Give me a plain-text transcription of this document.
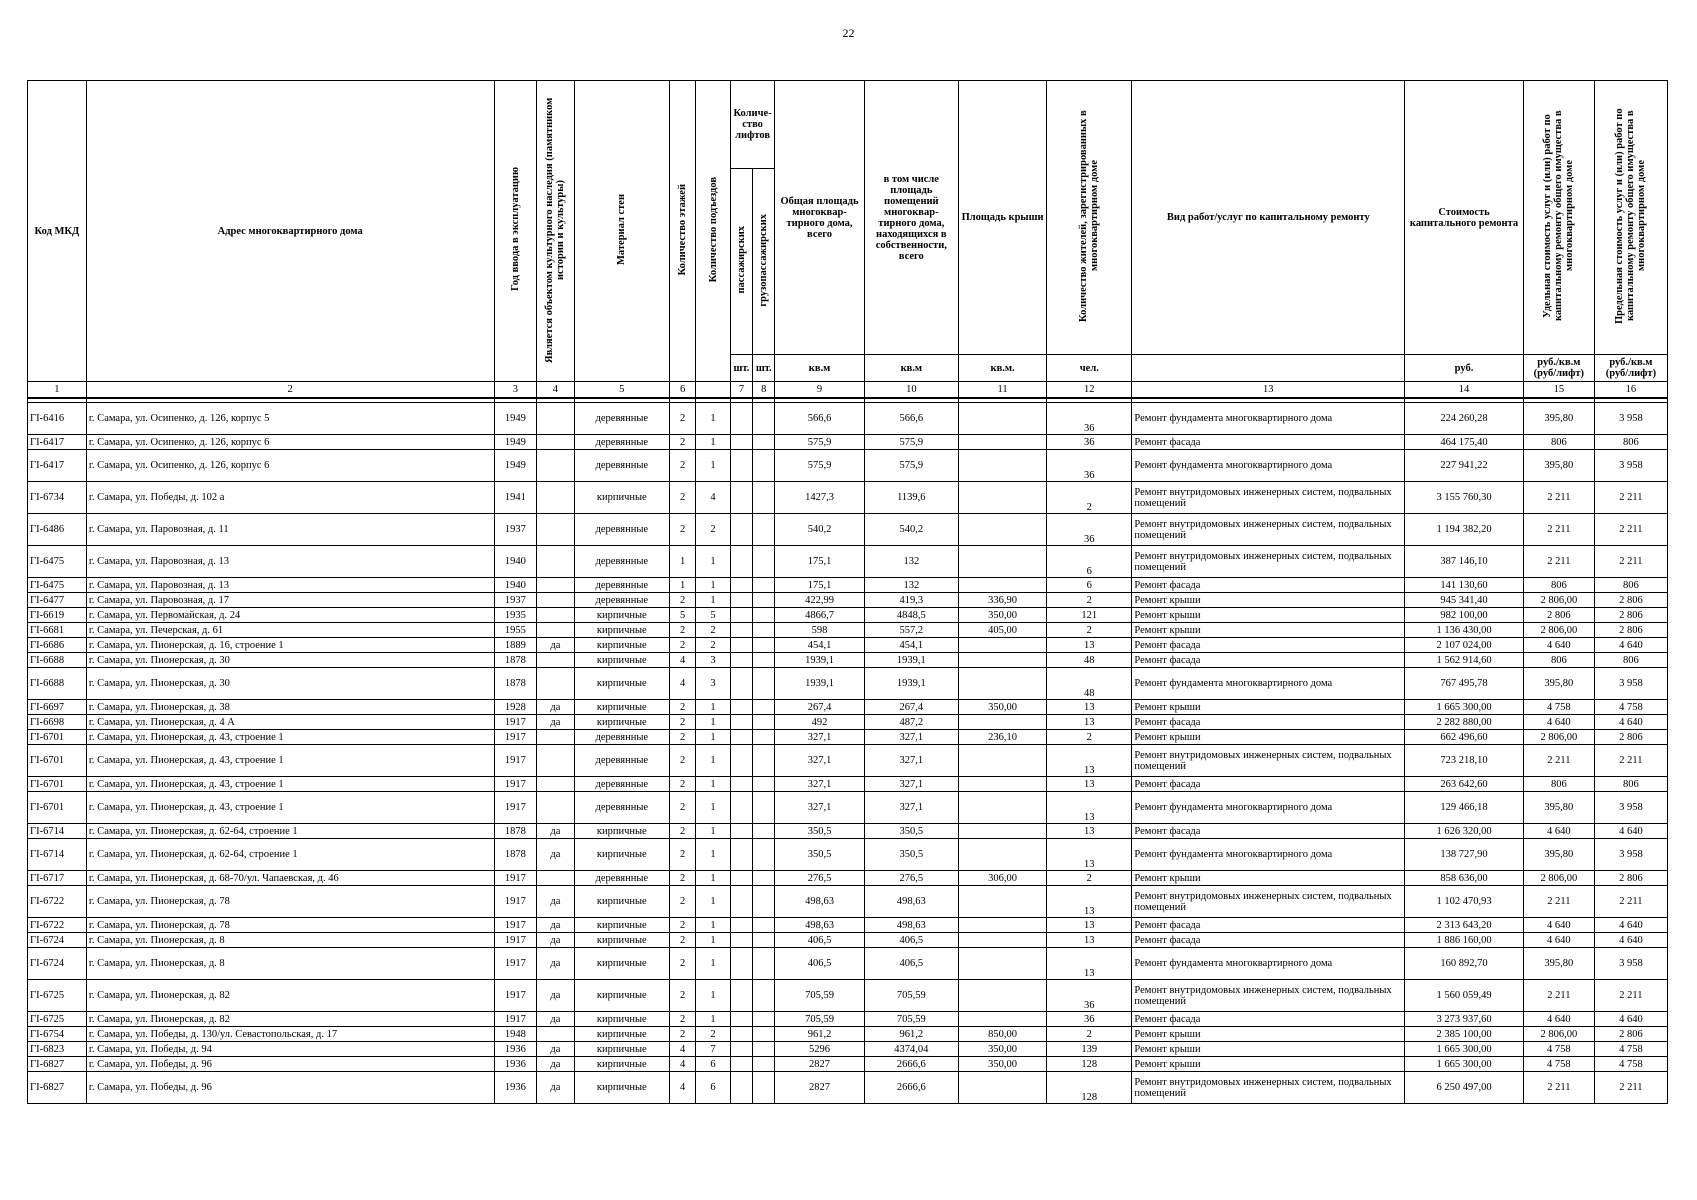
22
Код МКД	Адрес многоквартирного дома	Год ввода в эксплуатацию	Является объектом культурного наследия (памятником истории и культуры)	Материал стен	Количество этажей	Количество подъездов	Количе-ство лифтов		Общая площадь многоквар-тирного дома, всего	в том числе площадь помещений многоквар-тирного дома, находящихся в собственности, всего	Площадь крыши	Количество жителей, зарегистрированных в многоквартирном доме	Вид работ/услуг по капитальному ремонту	Стоимость капитального ремонта	Удельная стоимость услуг и (или) работ по капитальному ремонту общего имущества в многоквартирном доме	Предельная стоимость услуг и (или) работ по капитальному ремонту общего имущества в многоквартирном доме
							пассажирских	грузопассажирских								
							шт.	шт.	кв.м	кв.м	кв.м.	чел.		руб.	руб./кв.м (руб/лифт)	руб./кв.м (руб/лифт)
1	2	3	4	5	6		7	8	9	10	11	12	13	14	15	16

ГI-6416	г. Самара, ул. Осипенко, д. 126, корпус 5	1949		деревянные	2	1			566,6	566,6		36	Ремонт фундамента многоквартирного дома	224 260,28	395,80	3 958
ГI-6417	г. Самара, ул. Осипенко, д. 126, корпус 6	1949		деревянные	2	1			575,9	575,9		36	Ремонт фасада	464 175,40	806	806
ГI-6417	г. Самара, ул. Осипенко, д. 126, корпус 6	1949		деревянные	2	1			575,9	575,9		36	Ремонт фундамента многоквартирного дома	227 941,22	395,80	3 958
ГI-6734	г. Самара, ул. Победы, д. 102 а	1941		кирпичные	2	4			1427,3	1139,6		2	Ремонт внутридомовых инженерных систем, подвальных помещений	3 155 760,30	2 211	2 211
ГI-6486	г. Самара, ул. Паровозная, д. 11	1937		деревянные	2	2			540,2	540,2		36	Ремонт внутридомовых инженерных систем, подвальных помещений	1 194 382,20	2 211	2 211
ГI-6475	г. Самара, ул. Паровозная, д. 13	1940		деревянные	1	1			175,1	132		6	Ремонт внутридомовых инженерных систем, подвальных помещений	387 146,10	2 211	2 211
ГI-6475	г. Самара, ул. Паровозная, д. 13	1940		деревянные	1	1			175,1	132		6	Ремонт фасада	141 130,60	806	806
ГI-6477	г. Самара, ул. Паровозная, д. 17	1937		деревянные	2	1			422,99	419,3	336,90	2	Ремонт крыши	945 341,40	2 806,00	2 806
ГI-6619	г. Самара, ул. Первомайская, д. 24	1935		кирпичные	5	5			4866,7	4848,5	350,00	121	Ремонт крыши	982 100,00	2 806	2 806
ГI-6681	г. Самара, ул. Печерская, д. 61	1955		кирпичные	2	2			598	557,2	405,00	2	Ремонт крыши	1 136 430,00	2 806,00	2 806
ГI-6686	г. Самара, ул. Пионерская, д. 16, строение 1	1889	да	кирпичные	2	2			454,1	454,1		13	Ремонт фасада	2 107 024,00	4 640	4 640
ГI-6688	г. Самара, ул. Пионерская, д. 30	1878		кирпичные	4	3			1939,1	1939,1		48	Ремонт фасада	1 562 914,60	806	806
ГI-6688	г. Самара, ул. Пионерская, д. 30	1878		кирпичные	4	3			1939,1	1939,1		48	Ремонт фундамента многоквартирного дома	767 495,78	395,80	3 958
ГI-6697	г. Самара, ул. Пионерская, д. 38	1928	да	кирпичные	2	1			267,4	267,4	350,00	13	Ремонт крыши	1 665 300,00	4 758	4 758
ГI-6698	г. Самара, ул. Пионерская, д. 4 А	1917	да	кирпичные	2	1			492	487,2		13	Ремонт фасада	2 282 880,00	4 640	4 640
ГI-6701	г. Самара, ул. Пионерская, д. 43, строение 1	1917		деревянные	2	1			327,1	327,1	236,10	2	Ремонт крыши	662 496,60	2 806,00	2 806
ГI-6701	г. Самара, ул. Пионерская, д. 43, строение 1	1917		деревянные	2	1			327,1	327,1		13	Ремонт внутридомовых инженерных систем, подвальных помещений	723 218,10	2 211	2 211
ГI-6701	г. Самара, ул. Пионерская, д. 43, строение 1	1917		деревянные	2	1			327,1	327,1		13	Ремонт фасада	263 642,60	806	806
ГI-6701	г. Самара, ул. Пионерская, д. 43, строение 1	1917		деревянные	2	1			327,1	327,1		13	Ремонт фундамента многоквартирного дома	129 466,18	395,80	3 958
ГI-6714	г. Самара, ул. Пионерская, д. 62-64, строение 1	1878	да	кирпичные	2	1			350,5	350,5		13	Ремонт фасада	1 626 320,00	4 640	4 640
ГI-6714	г. Самара, ул. Пионерская, д. 62-64, строение 1	1878	да	кирпичные	2	1			350,5	350,5		13	Ремонт фундамента многоквартирного дома	138 727,90	395,80	3 958
ГI-6717	г. Самара, ул. Пионерская, д. 68-70/ул. Чапаевская, д. 46	1917		деревянные	2	1			276,5	276,5	306,00	2	Ремонт крыши	858 636,00	2 806,00	2 806
ГI-6722	г. Самара, ул. Пионерская, д. 78	1917	да	кирпичные	2	1			498,63	498,63		13	Ремонт внутридомовых инженерных систем, подвальных помещений	1 102 470,93	2 211	2 211
ГI-6722	г. Самара, ул. Пионерская, д. 78	1917	да	кирпичные	2	1			498,63	498,63		13	Ремонт фасада	2 313 643,20	4 640	4 640
ГI-6724	г. Самара, ул. Пионерская, д. 8	1917	да	кирпичные	2	1			406,5	406,5		13	Ремонт фасада	1 886 160,00	4 640	4 640
ГI-6724	г. Самара, ул. Пионерская, д. 8	1917	да	кирпичные	2	1			406,5	406,5		13	Ремонт фундамента многоквартирного дома	160 892,70	395,80	3 958
ГI-6725	г. Самара, ул. Пионерская, д. 82	1917	да	кирпичные	2	1			705,59	705,59		36	Ремонт внутридомовых инженерных систем, подвальных помещений	1 560 059,49	2 211	2 211
ГI-6725	г. Самара, ул. Пионерская, д. 82	1917	да	кирпичные	2	1			705,59	705,59		36	Ремонт фасада	3 273 937,60	4 640	4 640
ГI-6754	г. Самара, ул. Победы, д. 130/ул. Севастопольская, д. 17	1948		кирпичные	2	2			961,2	961,2	850,00	2	Ремонт крыши	2 385 100,00	2 806,00	2 806
ГI-6823	г. Самара, ул. Победы, д. 94	1936	да	кирпичные	4	7			5296	4374,04	350,00	139	Ремонт крыши	1 665 300,00	4 758	4 758
ГI-6827	г. Самара, ул. Победы, д. 96	1936	да	кирпичные	4	6			2827	2666,6	350,00	128	Ремонт крыши	1 665 300,00	4 758	4 758
ГI-6827	г. Самара, ул. Победы, д. 96	1936	да	кирпичные	4	6			2827	2666,6		128	Ремонт внутридомовых инженерных систем, подвальных помещений	6 250 497,00	2 211	2 211
